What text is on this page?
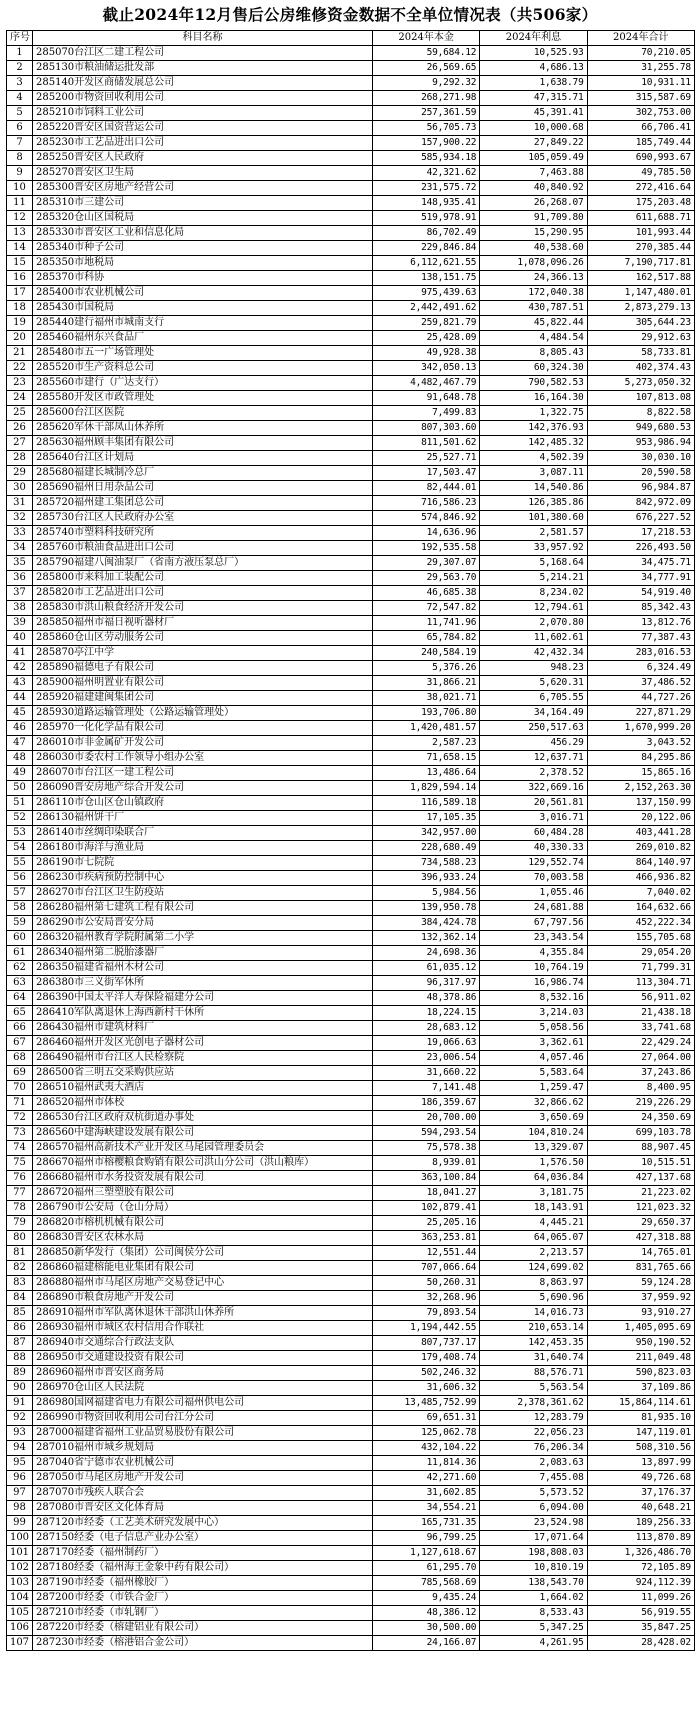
截止2024年12月售后公房维修资金数据不全单位情况表（共506家）
序号	科目名称	2024年本金	2024年利息	2024年合计
1	285070台江区二建工程公司	59,684.12	10,525.93	70,210.05
2	285130市粮油储运批发部	26,569.65	4,686.13	31,255.78
3	285140开发区商储发展总公司	9,292.32	1,638.79	10,931.11
4	285200市物资回收利用公司	268,271.98	47,315.71	315,587.69
5	285210市饲料工业公司	257,361.59	45,391.41	302,753.00
6	285220晋安区国资营运公司	56,705.73	10,000.68	66,706.41
7	285230市工艺品进出口公司	157,900.22	27,849.22	185,749.44
8	285250晋安区人民政府	585,934.18	105,059.49	690,993.67
9	285270晋安区卫生局	42,321.62	7,463.88	49,785.50
10	285300晋安区房地产经营公司	231,575.72	40,840.92	272,416.64
11	285310市三建公司	148,935.41	26,268.07	175,203.48
12	285320仓山区国税局	519,978.91	91,709.80	611,688.71
13	285330市晋安区工业和信息化局	86,702.49	15,290.95	101,993.44
14	285340市种子公司	229,846.84	40,538.60	270,385.44
15	285350市地税局	6,112,621.55	1,078,096.26	7,190,717.81
16	285370市科协	138,151.75	24,366.13	162,517.88
17	285400市农业机械公司	975,439.63	172,040.38	1,147,480.01
18	285430市国税局	2,442,491.62	430,787.51	2,873,279.13
19	285440建行福州市城南支行	259,821.79	45,822.44	305,644.23
20	285460福州东兴食品厂	25,428.09	4,484.54	29,912.63
21	285480市五一广场管理处	49,928.38	8,805.43	58,733.81
22	285520市生产资料总公司	342,050.13	60,324.30	402,374.43
23	285560市建行（广达支行）	4,482,467.79	790,582.53	5,273,050.32
24	285580开发区市政管理处	91,648.78	16,164.30	107,813.08
25	285600台江区医院	7,499.83	1,322.75	8,822.58
26	285620军休干部凤山休养所	807,303.60	142,376.93	949,680.53
27	285630福州顾丰集团有限公司	811,501.62	142,485.32	953,986.94
28	285640台江区计划局	25,527.71	4,502.39	30,030.10
29	285680福建长城制冷总厂	17,503.47	3,087.11	20,590.58
30	285690福州日用杂品公司	82,444.01	14,540.86	96,984.87
31	285720福州建工集团总公司	716,586.23	126,385.86	842,972.09
32	285730台江区人民政府办公室	574,846.92	101,380.60	676,227.52
33	285740市塑料科技研究所	14,636.96	2,581.57	17,218.53
34	285760市粮油食品进出口公司	192,535.58	33,957.92	226,493.50
35	285790福建八闽油泵厂（省南方液压泵总厂）	29,307.07	5,168.64	34,475.71
36	285800市来料加工装配公司	29,563.70	5,214.21	34,777.91
37	285820市工艺品进出口公司	46,685.38	8,234.02	54,919.40
38	285830市洪山粮食经济开发公司	72,547.82	12,794.61	85,342.43
39	285850福州市福日视听器材厂	11,741.96	2,070.80	13,812.76
40	285860仓山区劳动服务公司	65,784.82	11,602.61	77,387.43
41	285870亭江中学	240,584.19	42,432.34	283,016.53
42	285890福德电子有限公司	5,376.26	948.23	6,324.49
43	285900福州明置业有限公司	31,866.21	5,620.31	37,486.52
44	285920福建建闽集团公司	38,021.71	6,705.55	44,727.26
45	285930道路运输管理处（公路运输管理处）	193,706.80	34,164.49	227,871.29
46	285970一化化学品有限公司	1,420,481.57	250,517.63	1,670,999.20
47	286010市非金属矿开发公司	2,587.23	456.29	3,043.52
48	286030市委农村工作领导小组办公室	71,658.15	12,637.71	84,295.86
49	286070市台江区一建工程公司	13,486.64	2,378.52	15,865.16
50	286090晋安房地产综合开发公司	1,829,594.14	322,669.16	2,152,263.30
51	286110市仓山区仓山镇政府	116,589.18	20,561.81	137,150.99
52	286130福州饼干厂	17,105.35	3,016.71	20,122.06
53	286140市丝绸印染联合厂	342,957.00	60,484.28	403,441.28
54	286180市海洋与渔业局	228,680.49	40,330.33	269,010.82
55	286190市七院院	734,588.23	129,552.74	864,140.97
56	286230市疾病预防控制中心	396,933.24	70,003.58	466,936.82
57	286270市台江区卫生防疫站	5,984.56	1,055.46	7,040.02
58	286280福州第七建筑工程有限公司	139,950.78	24,681.88	164,632.66
59	286290市公安局晋安分局	384,424.78	67,797.56	452,222.34
60	286320福州教育学院附属第二小学	132,362.14	23,343.54	155,705.68
61	286340福州第二脱胎漆器厂	24,698.36	4,355.84	29,054.20
62	286350福建省福州木材公司	61,035.12	10,764.19	71,799.31
63	286380市三义街军休所	96,317.97	16,986.74	113,304.71
64	286390中国太平洋人寿保险福建分公司	48,378.86	8,532.16	56,911.02
65	286410军队离退休上海西新村干休所	18,224.15	3,214.03	21,438.18
66	286430福州市建筑材料厂	28,683.12	5,058.56	33,741.68
67	286460福州开发区光创电子器材公司	19,066.63	3,362.61	22,429.24
68	286490福州市台江区人民检察院	23,006.54	4,057.46	27,064.00
69	286500省三明五交采购供应站	31,660.22	5,583.64	37,243.86
70	286510福州武夷大酒店	7,141.48	1,259.47	8,400.95
71	286520福州市体校	186,359.67	32,866.62	219,226.29
72	286530台江区政府双杭街道办事处	20,700.00	3,650.69	24,350.69
73	286560中建海峡建设发展有限公司	594,293.54	104,810.24	699,103.78
74	286570福州高新技术产业开发区马尾园管理委员会	75,578.38	13,329.07	88,907.45
75	286670福州市榕樱粮食购销有限公司洪山分公司（洪山粮库）	8,939.01	1,576.50	10,515.51
76	286680福州市水务投资发展有限公司	363,100.84	64,036.84	427,137.68
77	286720福州三塑塑胶有限公司	18,041.27	3,181.75	21,223.02
78	286790市公安局（仓山分局）	102,879.41	18,143.91	121,023.32
79	286820市榕机机械有限公司	25,205.16	4,445.21	29,650.37
80	286830晋安区农林水局	363,253.81	64,065.07	427,318.88
81	286850新华发行（集团）公司闽侯分公司	12,551.44	2,213.57	14,765.01
82	286860福建榕能电业集团有限公司	707,066.64	124,699.02	831,765.66
83	286880福州市马尾区房地产交易登记中心	50,260.31	8,863.97	59,124.28
84	286890市粮食房地产开发公司	32,268.96	5,690.96	37,959.92
85	286910福州市军队离休退休干部洪山休养所	79,893.54	14,016.73	93,910.27
86	286930福州市城区农村信用合作联社	1,194,442.55	210,653.14	1,405,095.69
87	286940市交通综合行政法支队	807,737.17	142,453.35	950,190.52
88	286950市交通建设投资有限公司	179,408.74	31,640.74	211,049.48
89	286960福州市晋安区商务局	502,246.32	88,576.71	590,823.03
90	286970仓山区人民法院	31,606.32	5,563.54	37,109.86
91	286980国网福建省电力有限公司福州供电公司	13,485,752.99	2,378,361.62	15,864,114.61
92	286990市物资回收利用公司台江分公司	69,651.31	12,283.79	81,935.10
93	287000福建省福州工业品贸易股份有限公司	125,062.78	22,056.23	147,119.01
94	287010福州市城乡规划局	432,104.22	76,206.34	508,310.56
95	287040省宁德市农业机械公司	11,814.36	2,083.63	13,897.99
96	287050市马尾区房地产开发公司	42,271.60	7,455.08	49,726.68
97	287070市残疾人联合会	31,602.85	5,573.52	37,176.37
98	287080市晋安区文化体育局	34,554.21	6,094.00	40,648.21
99	287120市经委（工艺美术研究发展中心）	165,731.35	23,524.98	189,256.33
100	287150经委（电子信息产业办公室）	96,799.25	17,071.64	113,870.89
101	287170经委（福州制药厂）	1,127,618.67	198,808.03	1,326,486.70
102	287180经委（福州海王金象中药有限公司）	61,295.70	10,810.19	72,105.89
103	287190市经委（福州橡胶厂）	785,568.69	138,543.70	924,112.39
104	287200市经委（市铁合金厂）	9,435.24	1,664.02	11,099.26
105	287210市经委（市轧钢厂）	48,386.12	8,533.43	56,919.55
106	287220市经委（榕建铝业有限公司）	30,500.00	5,347.25	35,847.25
107	287230市经委（榕港铝合金公司）	24,166.07	4,261.95	28,428.02
